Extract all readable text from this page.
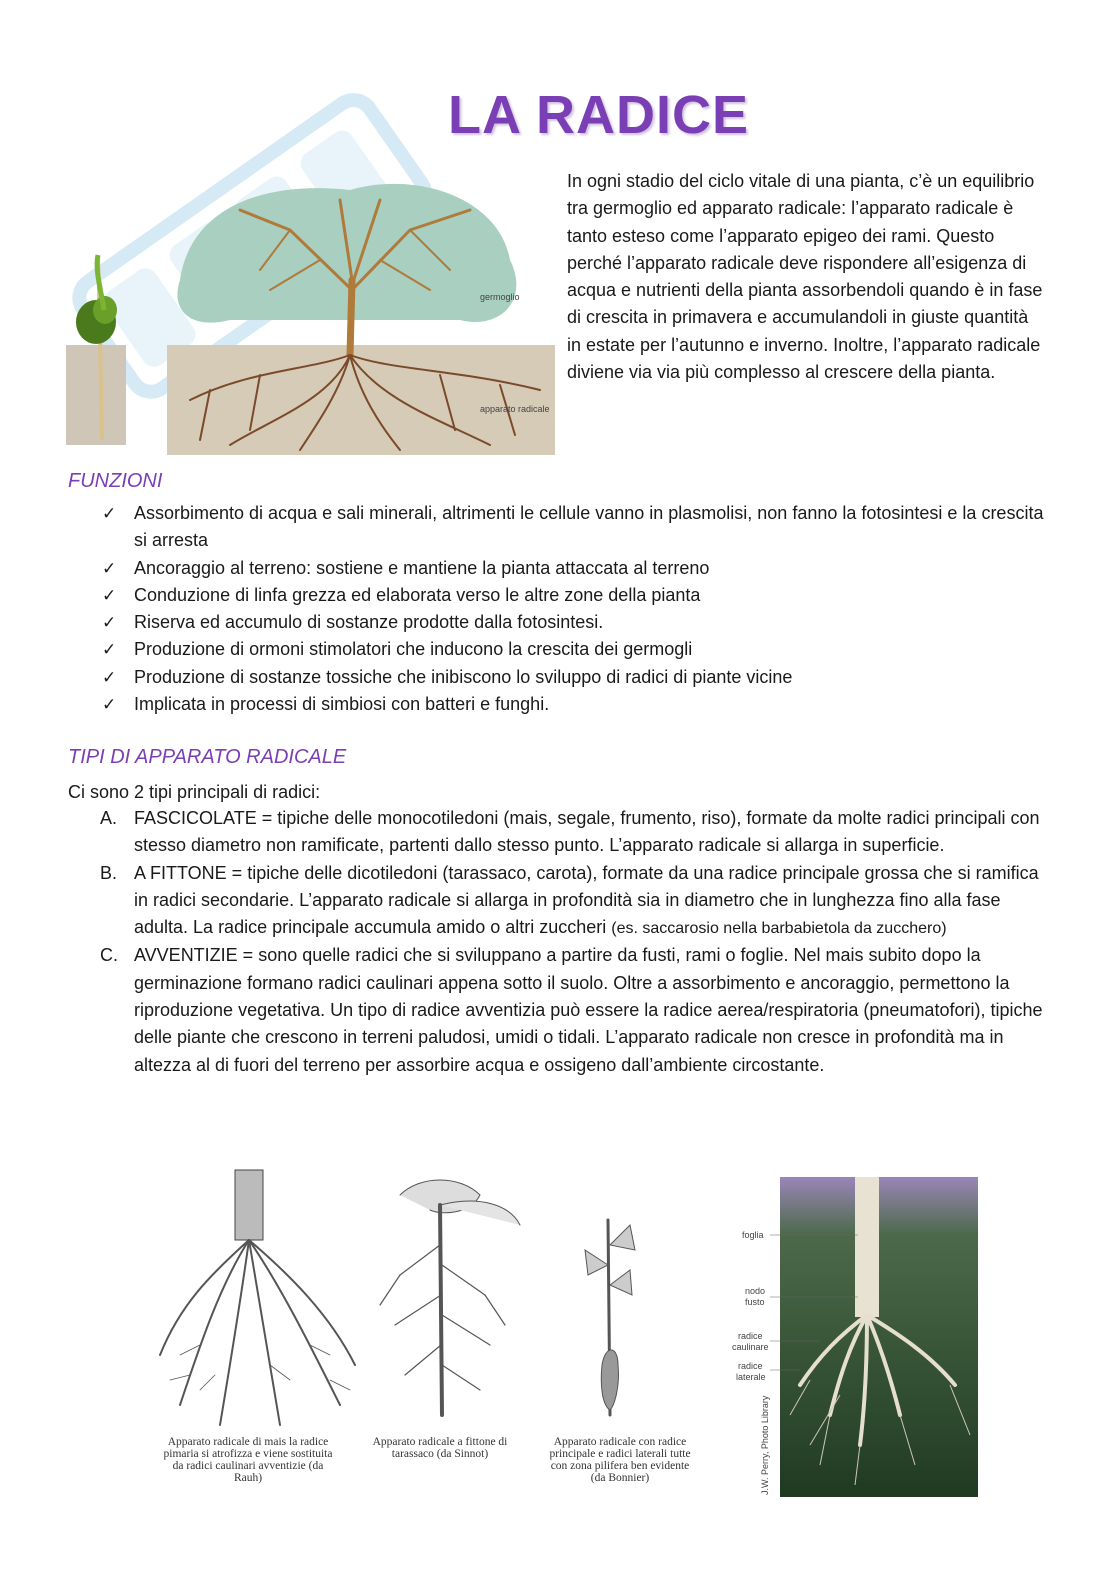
LA RADICE
germoglio
apparato radicale

In ogni stadio del ciclo vitale di una pianta, c’è un equilibrio tra germoglio ed apparato radicale: l’apparato radicale è tanto esteso come l’apparato epigeo dei rami. Questo perché l’apparato radicale deve rispondere all’esigenza di acqua e nutrienti della pianta assorbendoli quando è in fase di crescita in primavera e accumulandoli in giuste quantità in estate per l’autunno e inverno. Inoltre, l’apparato radicale diviene via via più complesso al crescere della pianta.

FUNZIONI
✓ Assorbimento di acqua e sali minerali, altrimenti le cellule vanno in plasmolisi, non fanno la fotosintesi e la crescita si arresta
✓ Ancoraggio al terreno: sostiene e mantiene la pianta attaccata al terreno
✓ Conduzione di linfa grezza ed elaborata verso le altre zone della pianta
✓ Riserva ed accumulo di sostanze prodotte dalla fotosintesi.
✓ Produzione di ormoni stimolatori che inducono la crescita dei germogli
✓ Produzione di sostanze tossiche che inibiscono lo sviluppo di radici di piante vicine
✓ Implicata in processi di simbiosi con batteri e funghi.
TIPI DI APPARATO RADICALE

Ci sono 2 tipi principali di radici:

A. FASCICOLATE = tipiche delle monocotiledoni (mais, segale, frumento, riso), formate da molte radici principali con stesso diametro non ramificate, partenti dallo stesso punto. L’apparato radicale si allarga in superficie.
B. A FITTONE = tipiche delle dicotiledoni (tarassaco, carota), formate da una radice principale grossa che si ramifica in radici secondarie. L’apparato radicale si allarga in profondità sia in diametro che in lunghezza fino alla fase adulta. La radice principale accumula amido o altri zuccheri (es. saccarosio nella barbabietola da zucchero)
C. AVVENTIZIE = sono quelle radici che si sviluppano a partire da fusti, rami o foglie. Nel mais subito dopo la germinazione formano radici caulinari appena sotto il suolo. Oltre a assorbimento e ancoraggio, permettono la riproduzione vegetativa. Un tipo di radice avventizia può essere la radice aerea/respiratoria (pneumatofori), tipiche delle piante che crescono in terreni paludosi, umidi o tidali. L’apparato radicale non cresce in profondità ma in altezza al di fuori del terreno per assorbire acqua e ossigeno dall’ambiente circostante.
Apparato radicale di mais la radice
pimaria si atrofizza e viene sostituita
da radici caulinari avventizie (da
Rauh)
Apparato radicale a fittone di
tarassaco (da Sinnot)
Apparato radicale con radice
principale e radici laterali tutte
con zona pilifera ben evidente
(da Bonnier)
foglia
nodo
fusto
radice
caulinare
radice
laterale
J.W. Perry, Photo Library
